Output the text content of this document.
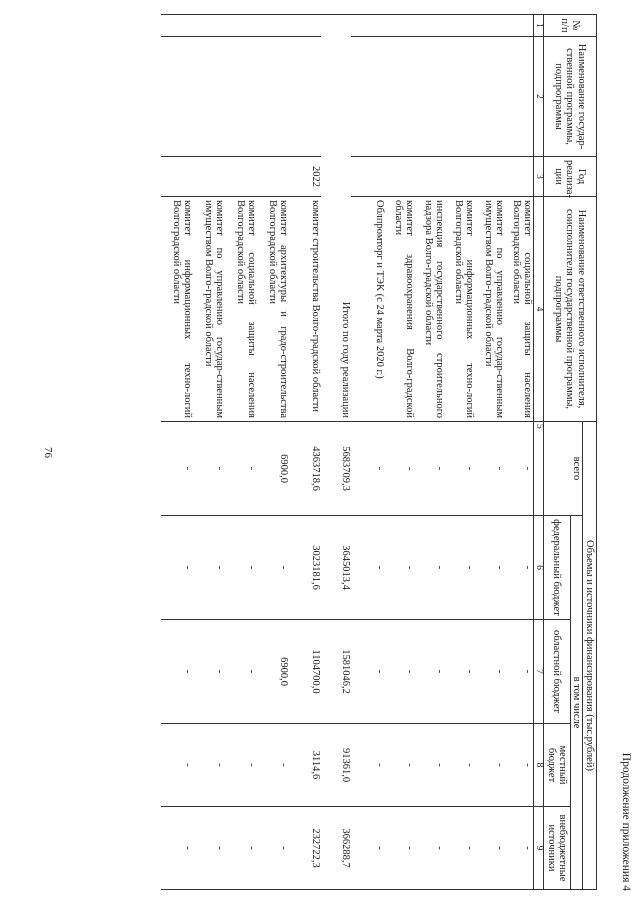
Продолжение приложения 4
76
№ п/п	Наименование государ-ственной программы, подпрограммы	Год реализа-ции	Наименование ответственного исполнителя, соисполнителя государственной программы, подпрограммы	Объемы и источники финансирования (тыс.рублей)				
				всего	в том числе			
					федеральный бюджет	областной бюджет	местный бюджет	внебюджетные источники
1	2	3	4	5	6	7	8	9
			комитет социальной защиты населения Волгоградской области	-	-	-	-	-
			комитет по управлению государ-ственным имуществом Волго-градской области	-	-	-	-	-
			комитет информационных техно-логий Волгоградской области	-	-	-	-	-
			инспекция государственного строительного надзора Волго-градской области	-	-	-	-	-
			комитет здравоохранения Волго-градской области	-	-	-	-	-
			Облпромторг и ТЭК (с 24 марта 2020 г.)	-	-	-	-	-
Итого по году реализации				5683709,3	3645013,4	1581046,2	91361,0	366288,7
		2022	комитет строительства Волго-градской области	4363718,6	3023181,6	1104700,0	3114,6	232722,3
			комитет архитектуры и градо-строительства Волгоградской области	6900,0	-	6900,0	-	-
			комитет социальной защиты населения Волгоградской области	-	-	-	-	-
			комитет по управлению государ-ственным имуществом Волго-градской области	-	-	-	-	-
			комитет информационных техно-логий Волгоградской области	-	-	-	-	-
